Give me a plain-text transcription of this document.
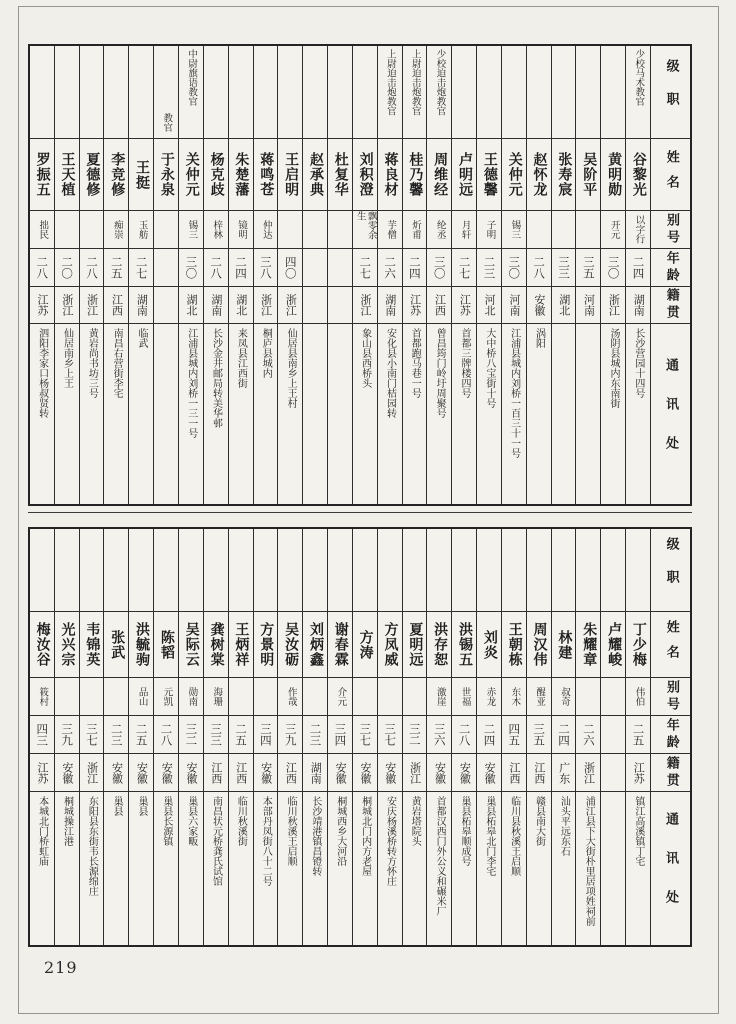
级职
姓名
别号
年龄
籍贯
通讯处
少校马术教官
谷黎光
以字行
二四
湖南
长沙营园十四号
黄明勋
开元
三〇
浙江
汤阴县城内东南街
吴阶平
三五
河南
张寿宸
三三
湖北
赵怀龙
二八
安徽
涡阳
关仲元
锡三
三〇
河南
江浦县城内刘桥一百三十一号
王德馨
子明
二三
河北
大中桥八宝街十号
卢明远
月轩
二七
江苏
首都三牌楼四号
少校迫击炮教官
周维经
纶丞
三〇
江西
曾昌筠门岭圩周聚号
上尉迫击炮教官
桂乃馨
炘甫
二四
江苏
首都跑马巷一号
上尉迫击炮教官
蒋良材
芋僧
二六
湖南
安化县小南门桔园转
刘积澄
飘零余生
二七
浙江
象山县西桥头
杜复华
赵承典
王启明
四〇
浙江
仙居县南乡上王村
蒋鸣苍
仲达
三八
浙江
桐庐县城内
朱楚藩
镜明
二四
湖北
来凤县江西街
杨克歧
梓林
二八
湖南
长沙金井邮局转美华邨
中尉旗语教官
关仲元
锡三
三〇
湖北
江浦县城内刘桥一三一号
教官
于永泉
王挺
玉舫
二七
湖南
临武
李竞修
痴崇
二五
江西
南昌右营街李宅
夏德修
二八
浙江
黄岩尚书坊三号
王天植
二〇
浙江
仙居南乡上王
罗振五
拙民
二八
江苏
泗阳李家口杨叔贤转
级职
姓名
别号
年龄
籍贯
通讯处
丁少梅
伟伯
二五
江苏
镇江高溪镇丁宅
卢耀峻
朱耀章
二六
浙江
浦江县下大街朴里居项姓祠前
林建
叔奇
二四
广东
汕头平远东石
周汉伟
醒亚
三五
江西
赣县南大街
王朝栋
东木
四五
江西
临川县秋溪王启顺
刘炎
赤龙
二四
安徽
巢县柘皋北门李宅
洪锡五
世福
二八
安徽
巢县柘皋顺成号
洪存恕
激崖
三六
安徽
首都汉西门外公义和碾米厂
夏明远
三二
浙江
黄岩塔院头
方凤威
三七
安徽
安庆杨溪桥转方怀庄
方涛
三七
安徽
桐城北门内方老屋
谢春霖
介元
三四
安徽
桐城西乡大河沿
刘炳鑫
二三
湖南
长沙靖港镇昌镫转
吴汝砺
作哉
三九
江西
临川秋溪王启顺
方景明
三四
安徽
本部丹凤街八十二号
王炳祥
二五
江西
临川秋溪街
龚树棠
海珊
三三
江西
南昌状元桥龚氏试馆
吴际云
勋南
三二
安徽
巢县六家畈
陈韬
元凯
二八
安徽
巢县长源镇
洪毓驹
品山
二五
安徽
巢县
张武
二三
安徽
巢县
韦锦英
三七
浙江
东阳县东街韦长源绵庄
光兴宗
三九
安徽
桐城操江港
梅汝谷
筱村
四三
江苏
本城北门桥虹庙
219
